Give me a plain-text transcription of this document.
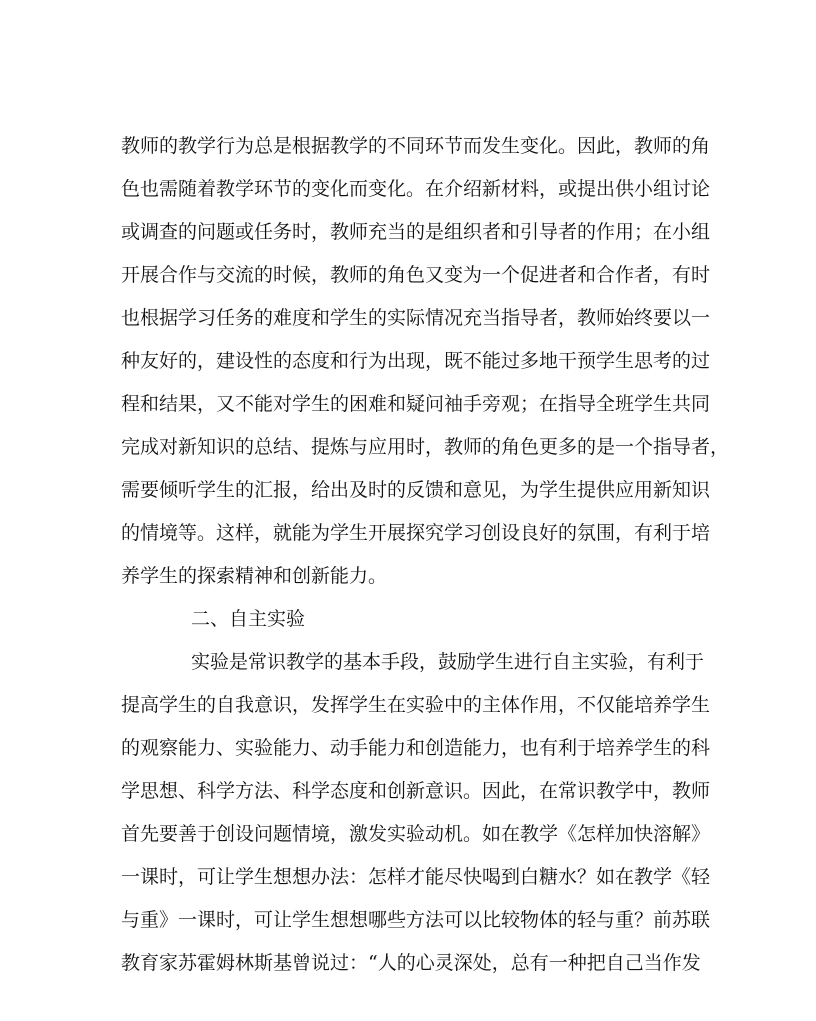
教师的教学行为总是根据教学的不同环节而发生变化。因此，教师的角
色也需随着教学环节的变化而变化。在介绍新材料，或提出供小组讨论
或调查的问题或任务时，教师充当的是组织者和引导者的作用；在小组
开展合作与交流的时候，教师的角色又变为一个促进者和合作者，有时
也根据学习任务的难度和学生的实际情况充当指导者，教师始终要以一
种友好的，建设性的态度和行为出现，既不能过多地干预学生思考的过
程和结果，又不能对学生的困难和疑问袖手旁观；在指导全班学生共同
完成对新知识的总结、提炼与应用时，教师的角色更多的是一个指导者，
需要倾听学生的汇报，给出及时的反馈和意见，为学生提供应用新知识
的情境等。这样，就能为学生开展探究学习创设良好的氛围，有利于培
养学生的探索精神和创新能力。
二、自主实验
实验是常识教学的基本手段，鼓励学生进行自主实验，有利于
提高学生的自我意识，发挥学生在实验中的主体作用，不仅能培养学生
的观察能力、实验能力、动手能力和创造能力，也有利于培养学生的科
学思想、科学方法、科学态度和创新意识。因此，在常识教学中，教师
首先要善于创设问题情境，激发实验动机。如在教学《怎样加快溶解》
一课时，可让学生想想办法：怎样才能尽快喝到白糖水？如在教学《轻
与重》一课时，可让学生想想哪些方法可以比较物体的轻与重？前苏联
教育家苏霍姆林斯基曾说过：“人的心灵深处，总有一种把自己当作发
